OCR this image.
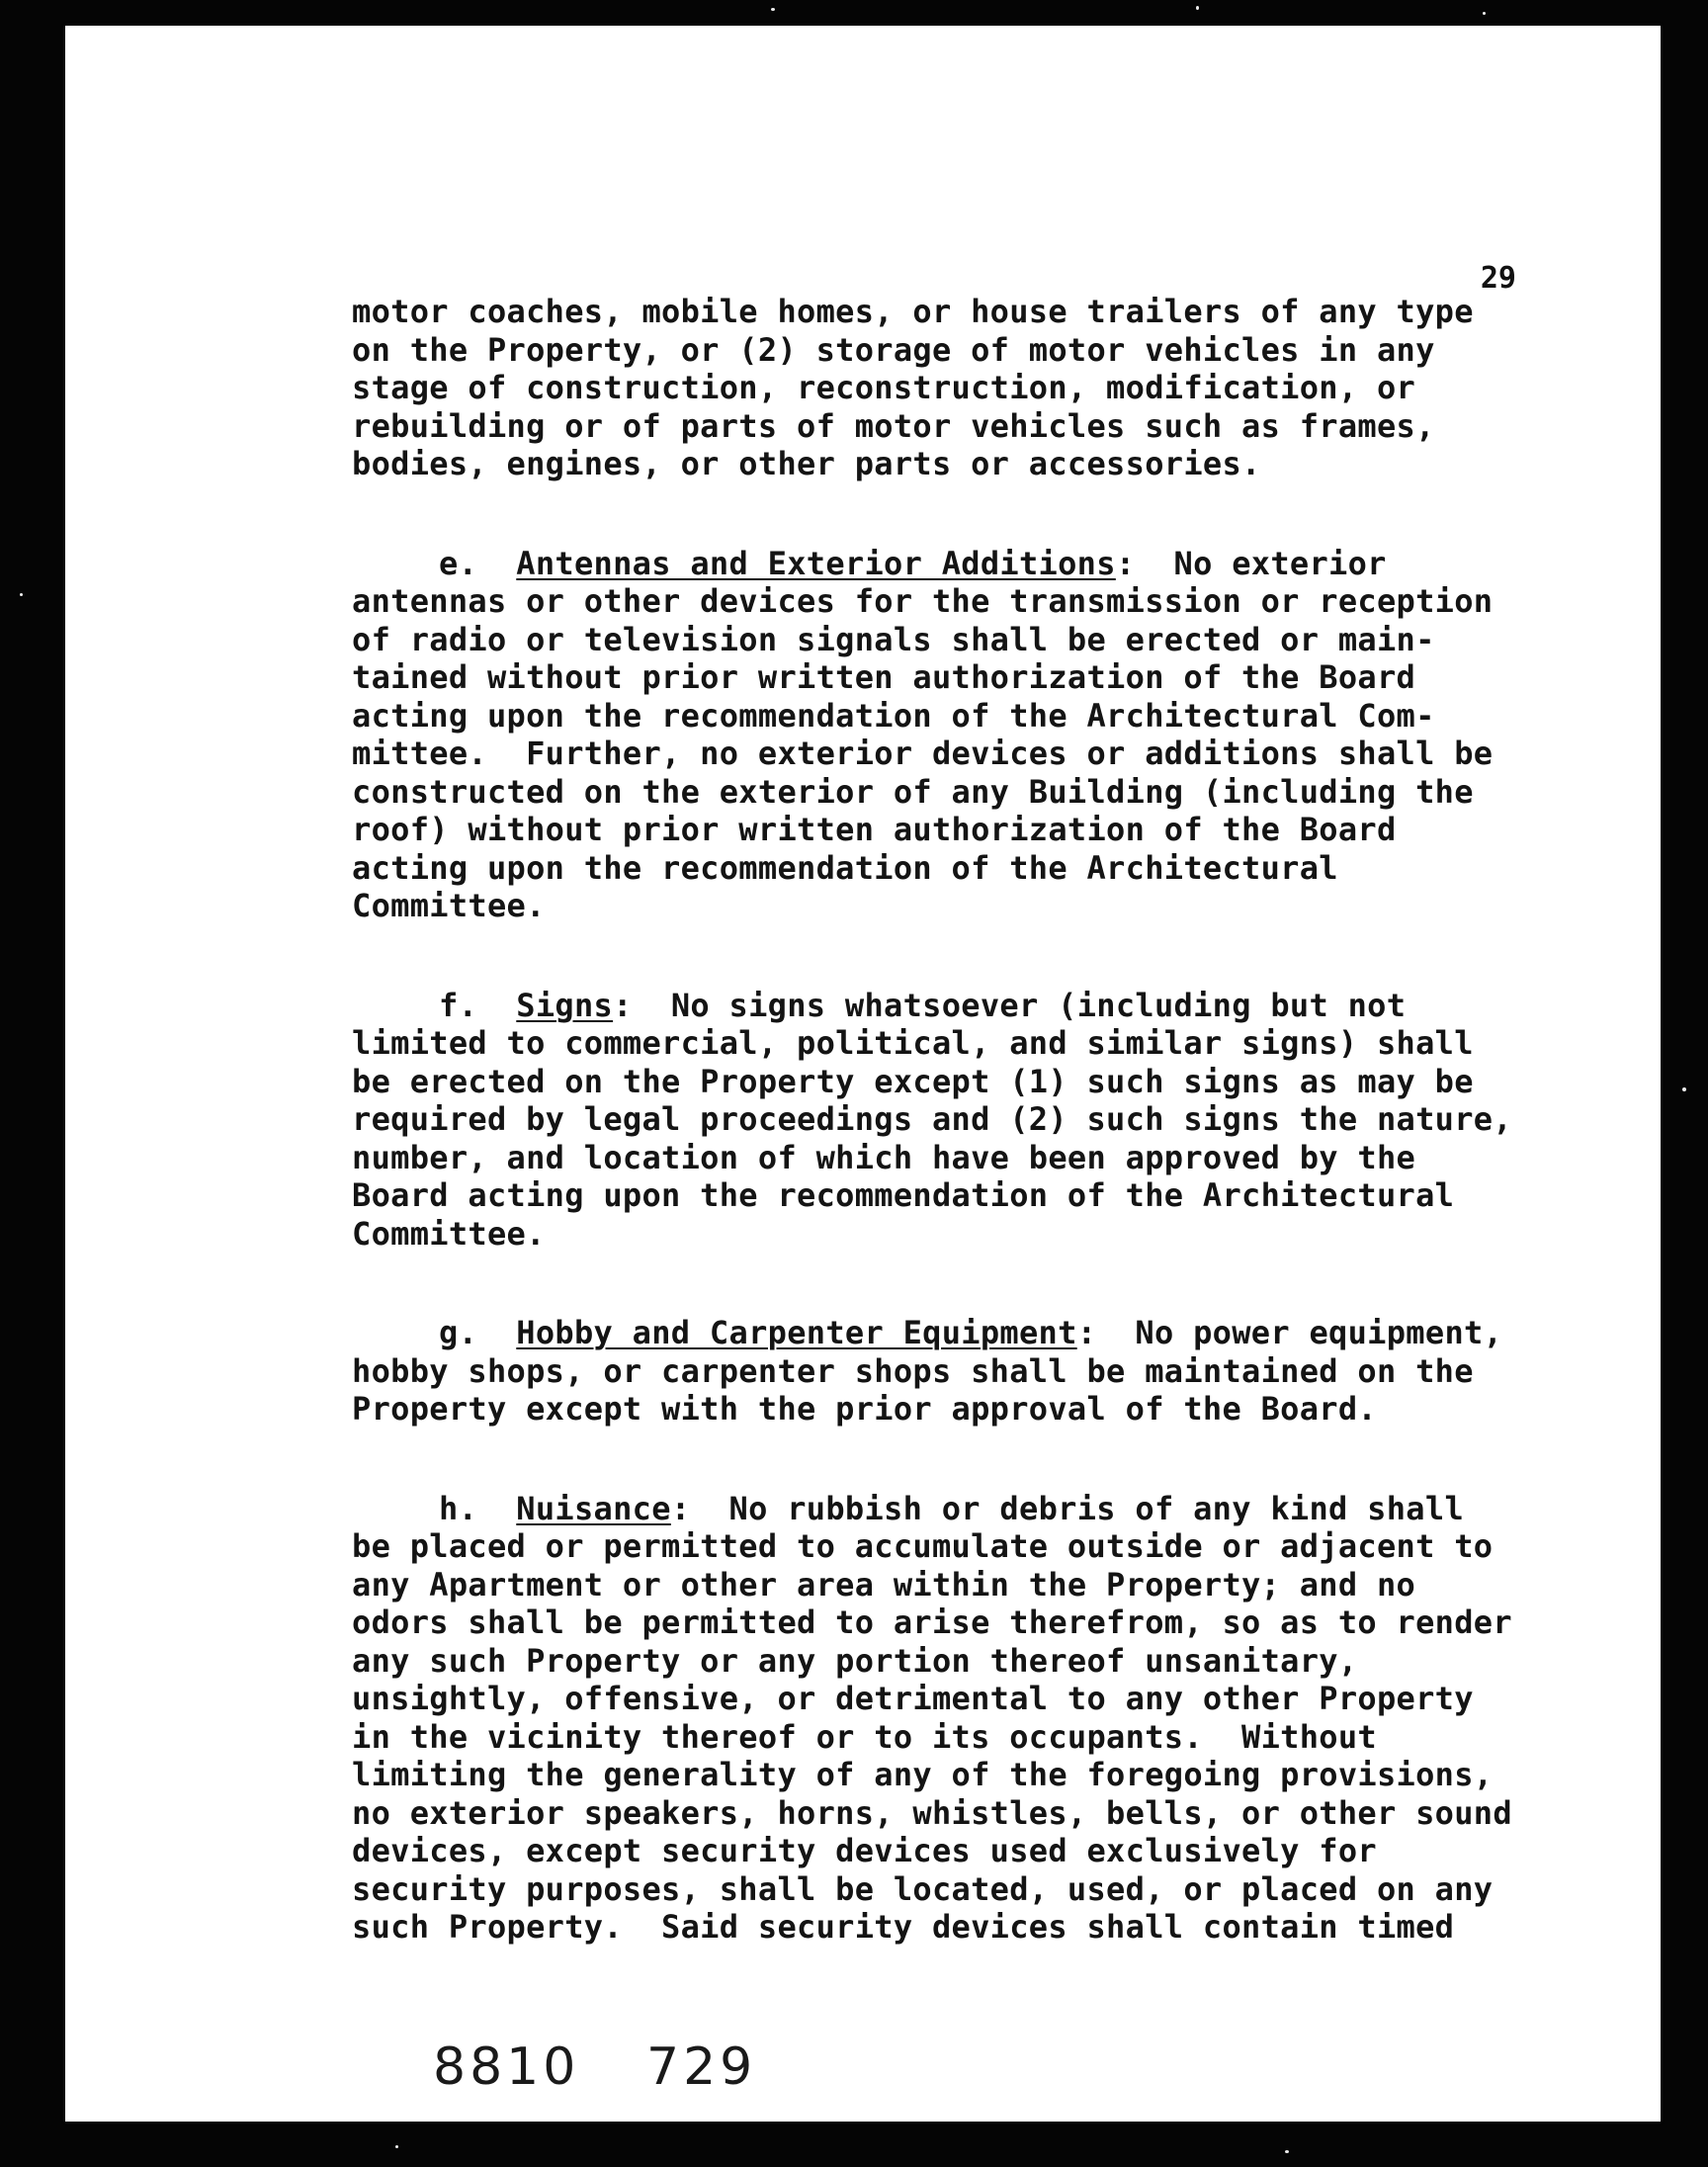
29
motor coaches, mobile homes, or house trailers of any type
on the Property, or (2) storage of motor vehicles in any
stage of construction, reconstruction, modification, or
rebuilding or of parts of motor vehicles such as frames,
bodies, engines, or other parts or accessories.
e. Antennas and Exterior Additions:  No exterior
antennas or other devices for the transmission or reception
of radio or television signals shall be erected or main-
tained without prior written authorization of the Board
acting upon the recommendation of the Architectural Com-
mittee.  Further, no exterior devices or additions shall be
constructed on the exterior of any Building (including the
roof) without prior written authorization of the Board
acting upon the recommendation of the Architectural
Committee.
f. Signs:  No signs whatsoever (including but not
limited to commercial, political, and similar signs) shall
be erected on the Property except (1) such signs as may be
required by legal proceedings and (2) such signs the nature,
number, and location of which have been approved by the
Board acting upon the recommendation of the Architectural
Committee.
g. Hobby and Carpenter Equipment:  No power equipment,
hobby shops, or carpenter shops shall be maintained on the
Property except with the prior approval of the Board.
h. Nuisance:  No rubbish or debris of any kind shall
be placed or permitted to accumulate outside or adjacent to
any Apartment or other area within the Property; and no
odors shall be permitted to arise therefrom, so as to render
any such Property or any portion thereof unsanitary,
unsightly, offensive, or detrimental to any other Property
in the vicinity thereof or to its occupants.  Without
limiting the generality of any of the foregoing provisions,
no exterior speakers, horns, whistles, bells, or other sound
devices, except security devices used exclusively for
security purposes, shall be located, used, or placed on any
such Property.  Said security devices shall contain timed
8810 729
